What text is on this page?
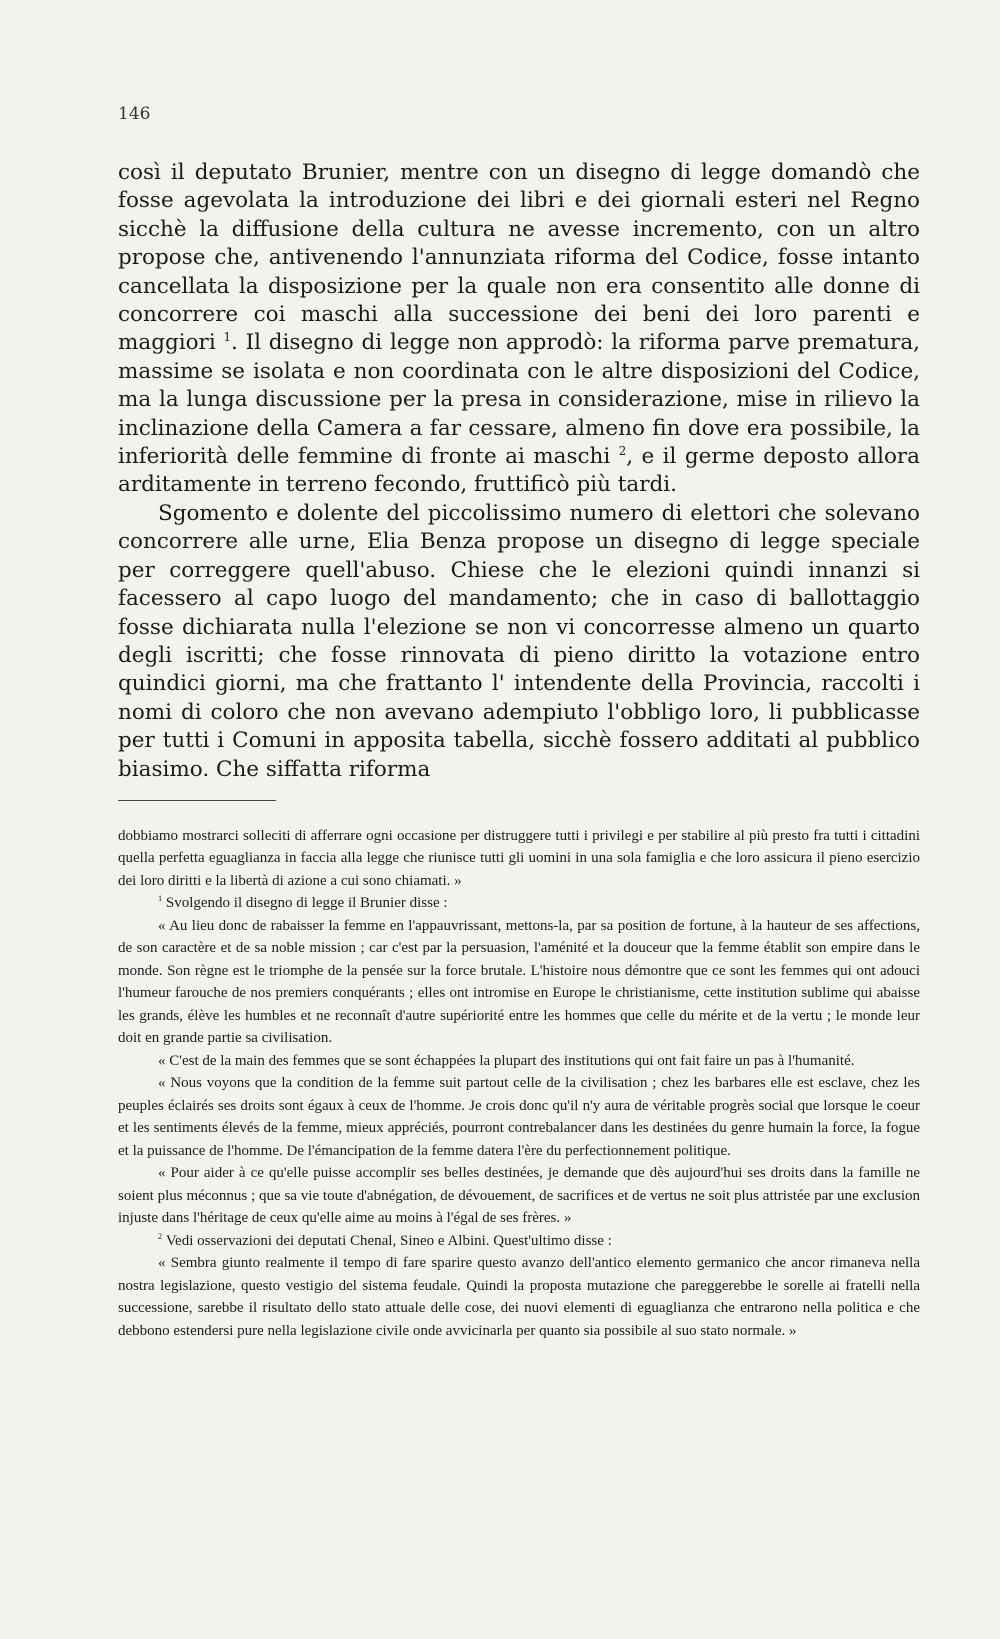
146

così il deputato Brunier, mentre con un disegno di legge domandò che fosse agevolata la introduzione dei libri e dei giornali esteri nel Regno sicchè la diffusione della cultura ne avesse incremento, con un altro propose che, antivenendo l'annunziata riforma del Codice, fosse intanto cancellata la disposizione per la quale non era consentito alle donne di concorrere coi maschi alla successione dei beni dei loro parenti e maggiori $^1$. Il disegno di legge non approdò: la riforma parve prematura, massime se isolata e non coordinata con le altre disposizioni del Codice, ma la lunga discussione per la presa in considerazione, mise in rilievo la inclinazione della Camera a far cessare, almeno fin dove era possibile, la inferiorità delle femmine di fronte ai maschi $^2$, e il germe deposto allora arditamente in terreno fecondo, fruttificò più tardi.

Sgomento e dolente del piccolissimo numero di elettori che solevano concorrere alle urne, Elia Benza propose un disegno di legge speciale per correggere quell'abuso. Chiese che le elezioni quindi innanzi si facessero al capo luogo del mandamento; che in caso di ballottaggio fosse dichiarata nulla l'elezione se non vi concorresse almeno un quarto degli iscritti; che fosse rinnovata di pieno diritto la votazione entro quindici giorni, ma che frattanto l' intendente della Provincia, raccolti i nomi di coloro che non avevano adempiuto l'obbligo loro, li pubblicasse per tutti i Comuni in apposita tabella, sicchè fossero additati al pubblico biasimo. Che siffatta riforma

dobbiamo mostrarci solleciti di afferrare ogni occasione per distruggere tutti i privilegi e per stabilire al più presto fra tutti i cittadini quella perfetta eguaglianza in faccia alla legge che riunisce tutti gli uomini in una sola famiglia e che loro assicura il pieno esercizio dei loro diritti e la libertà di azione a cui sono chiamati. »

$^1$ Svolgendo il disegno di legge il Brunier disse :

« Au lieu donc de rabaisser la femme en l'appauvrissant, mettons-la, par sa position de fortune, à la hauteur de ses affections, de son caractère et de sa noble mission ; car c'est par la persuasion, l'aménité et la douceur que la femme établit son empire dans le monde. Son règne est le triomphe de la pensée sur la force brutale. L'histoire nous démontre que ce sont les femmes qui ont adouci l'humeur farouche de nos premiers conquérants ; elles ont intromise en Europe le christianisme, cette institution sublime qui abaisse les grands, élève les humbles et ne reconnaît d'autre supériorité entre les hommes que celle du mérite et de la vertu ; le monde leur doit en grande partie sa civilisation.

« C'est de la main des femmes que se sont échappées la plupart des institutions qui ont fait faire un pas à l'humanité.

« Nous voyons que la condition de la femme suit partout celle de la civilisation ; chez les barbares elle est esclave, chez les peuples éclairés ses droits sont égaux à ceux de l'homme. Je crois donc qu'il n'y aura de véritable progrès social que lorsque le coeur et les sentiments élevés de la femme, mieux appréciés, pourront contrebalancer dans les destinées du genre humain la force, la fogue et la puissance de l'homme. De l'émancipation de la femme datera l'ère du perfectionnement politique.

« Pour aider à ce qu'elle puisse accomplir ses belles destinées, je demande que dès aujourd'hui ses droits dans la famille ne soient plus méconnus ; que sa vie toute d'abnégation, de dévouement, de sacrifices et de vertus ne soit plus attristée par une exclusion injuste dans l'héritage de ceux qu'elle aime au moins à l'égal de ses frères. »

$^2$ Vedi osservazioni dei deputati Chenal, Sineo e Albini. Quest'ultimo disse :

« Sembra giunto realmente il tempo di fare sparire questo avanzo dell'antico elemento germanico che ancor rimaneva nella nostra legislazione, questo vestigio del sistema feudale. Quindi la proposta mutazione che pareggerebbe le sorelle ai fratelli nella successione, sarebbe il risultato dello stato attuale delle cose, dei nuovi elementi di eguaglianza che entrarono nella politica e che debbono estendersi pure nella legislazione civile onde avvicinarla per quanto sia possibile al suo stato normale. »
